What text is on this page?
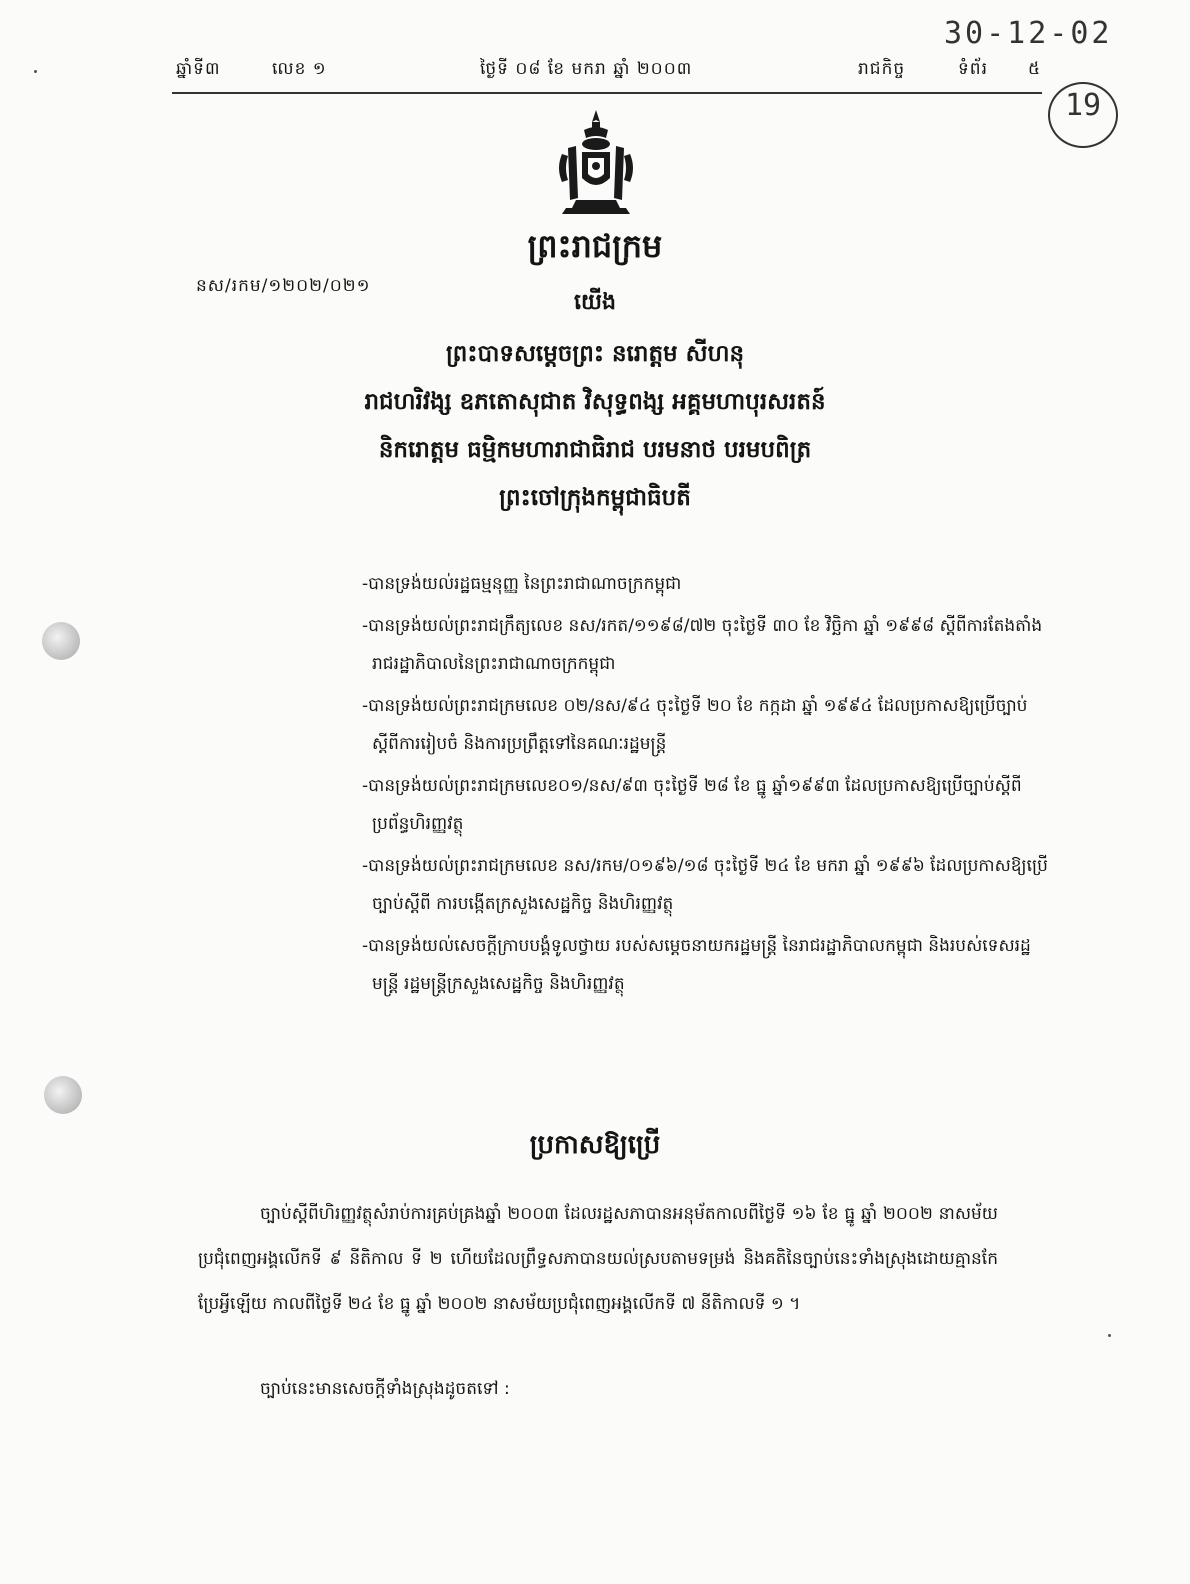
ឆ្នាំទី៣	លេខ ១	ថ្ងៃទី ០៨ ខែ មករា ឆ្នាំ ២០០៣	រាជកិច្ច	ទំព័រ ៥
30-12-02
19
ព្រះរាជក្រម
នស/រកម/១២០២/០២១
យើង
ព្រះបាទសម្ដេចព្រះ នរោត្តម សីហនុ
រាជហរិវង្ស ឧភតោសុជាត វិសុទ្ធពង្ស អគ្គមហាបុរសរតន៍
និករោត្តម ធម្មិកមហារាជាធិរាជ បរមនាថ បរមបពិត្រ
ព្រះចៅក្រុងកម្ពុជាធិបតី
-បានទ្រង់យល់រដ្ឋធម្មនុញ្ញ នៃព្រះរាជាណាចក្រកម្ពុជា
-បានទ្រង់យល់ព្រះរាជក្រឹត្យលេខ នស/រកត/១១៩៨/៧២ ចុះថ្ងៃទី ៣០ ខែ វិច្ឆិកា ឆ្នាំ ១៩៩៨ ស្ដីពីការតែងតាំងរាជរដ្ឋាភិបាលនៃព្រះរាជាណាចក្រកម្ពុជា
-បានទ្រង់យល់ព្រះរាជក្រមលេខ ០២/នស/៩៤ ចុះថ្ងៃទី ២០ ខែ កក្កដា ឆ្នាំ ១៩៩៤ ដែលប្រកាសឱ្យប្រើច្បាប់ ស្ដីពីការរៀបចំ និងការប្រព្រឹត្តទៅនៃគណៈរដ្ឋមន្ត្រី
-បានទ្រង់យល់ព្រះរាជក្រមលេខ០១/នស/៩៣ ចុះថ្ងៃទី ២៨ ខែ ធ្នូ ឆ្នាំ១៩៩៣ ដែលប្រកាសឱ្យប្រើច្បាប់ស្ដីពីប្រព័ន្ធហិរញ្ញវត្ថុ
-បានទ្រង់យល់ព្រះរាជក្រមលេខ នស/រកម/០១៩៦/១៨ ចុះថ្ងៃទី ២៤ ខែ មករា ឆ្នាំ ១៩៩៦ ដែលប្រកាសឱ្យប្រើច្បាប់ស្ដីពី ការបង្កើតក្រសួងសេដ្ឋកិច្ច និងហិរញ្ញវត្ថុ
-បានទ្រង់យល់សេចក្ដីក្រាបបង្គំទូលថ្វាយ របស់សម្ដេចនាយករដ្ឋមន្ត្រី នៃរាជរដ្ឋាភិបាលកម្ពុជា និងរបស់ទេសរដ្ឋមន្ត្រី រដ្ឋមន្ត្រីក្រសួងសេដ្ឋកិច្ច និងហិរញ្ញវត្ថុ
ប្រកាសឱ្យប្រើ

ច្បាប់ស្ដីពីហិរញ្ញវត្ថុសំរាប់ការគ្រប់គ្រងឆ្នាំ ២០០៣ ដែលរដ្ឋសភាបានអនុម័តកាលពីថ្ងៃទី ១៦ ខែ ធ្នូ ឆ្នាំ ២០០២ នាសម័យប្រជុំពេញអង្គលើកទី ៩ នីតិកាល ទី ២ ហើយដែលព្រឹទ្ធសភាបានយល់ស្របតាមទម្រង់ និងគតិនៃច្បាប់នេះទាំងស្រុងដោយគ្មានកែប្រែអ្វីឡើយ កាលពីថ្ងៃទី ២៤ ខែ ធ្នូ ឆ្នាំ ២០០២ នាសម័យប្រជុំពេញអង្គលើកទី ៧ នីតិកាលទី ១ ។

ច្បាប់នេះមានសេចក្ដីទាំងស្រុងដូចតទៅ :
